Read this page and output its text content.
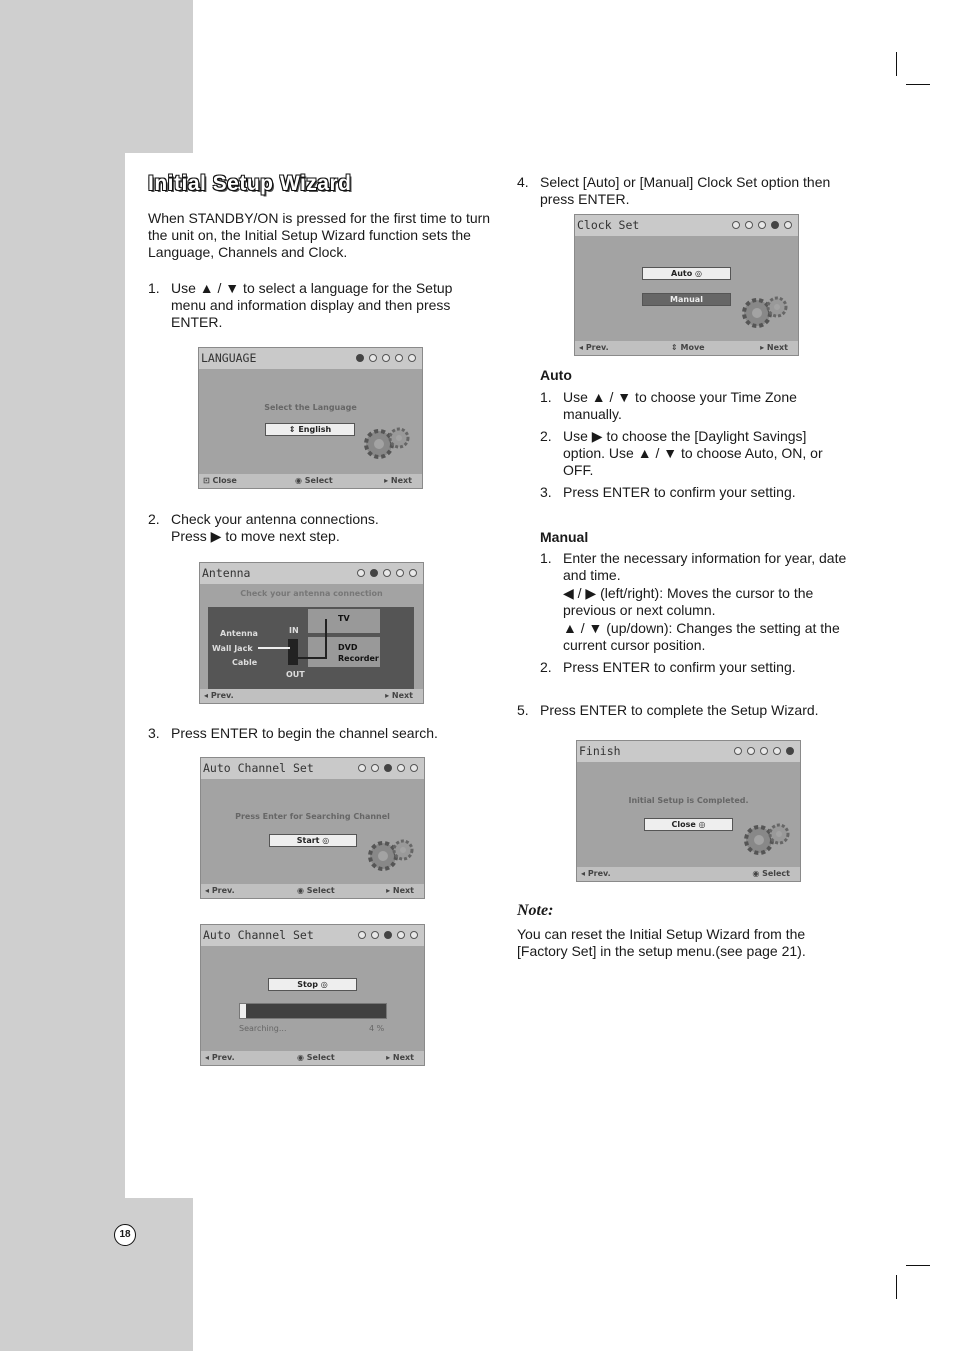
18
Initial Setup Wizard

When STANDBY/ON is pressed for the first time to turn the unit on, the Initial Setup Wizard function sets the Language, Channels and Clock.

1. Use ▲ / ▼ to select a language for the Setup menu and information display and then press ENTER.

LANGUAGE
Select the Language
⇕ English
⊡ Close	◉ Select	▸ Next
2. Check your antenna connections. Press ▶ to move next step.

Antenna
Check your antenna connection
Antenna
Wall Jack
Cable
IN
OUT
TV
DVD
Recorder
◂ Prev.	▸ Next
3. Press ENTER to begin the channel search.

Auto Channel Set
Press Enter for Searching Channel
Start ◎
◂ Prev.	◉ Select	▸ Next
Auto Channel Set
Stop ◎
Searching...	4 %
◂ Prev.	◉ Select	▸ Next
4. Select [Auto] or [Manual] Clock Set option then press ENTER.

Clock Set
Auto ◎
Manual
◂ Prev.	⇕ Move	▸ Next

Auto

1. Use ▲ / ▼ to choose your Time Zone manually.

2. Use ▶ to choose the [Daylight Savings] option. Use ▲ / ▼ to choose Auto, ON, or OFF.

3. Press ENTER to confirm your setting.

Manual

1. Enter the necessary information for year, date and time.

◀ / ▶ (left/right): Moves the cursor to the previous or next column.

▲ / ▼ (up/down): Changes the setting at the current cursor position.

2. Press ENTER to confirm your setting.

5. Press ENTER to complete the Setup Wizard.

Finish
Initial Setup is Completed.
Close ◎
◂ Prev.	◉ Select

Note:

You can reset the Initial Setup Wizard from the [Factory Set] in the setup menu.(see page 21).
